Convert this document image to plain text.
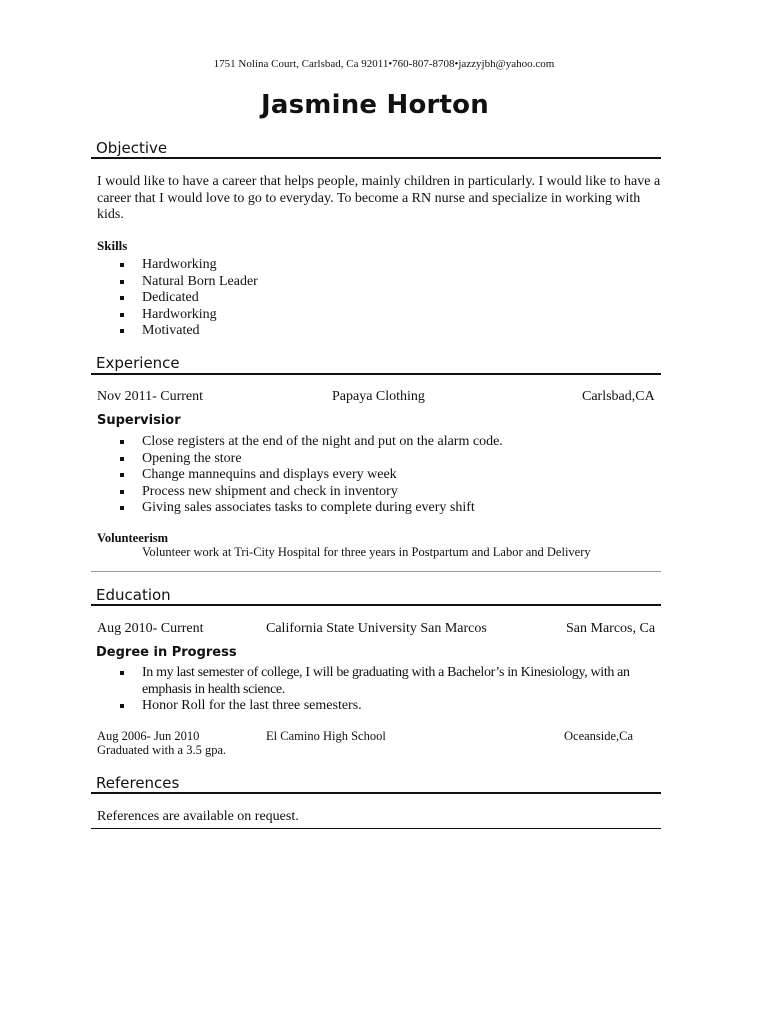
1751 Nolina Court, Carlsbad, Ca 92011•760-807-8708•jazzyjbh@yahoo.com
Jasmine Horton
Objective
I would like to have a career that helps people, mainly children in particularly. I would like to have a career that I would love to go to everyday. To become a RN nurse and specialize in working with kids.
Skills
Hardworking
Natural Born Leader
Dedicated
Hardworking
Motivated
Experience
Nov 2011- Current	Papaya Clothing	Carlsbad,CA
Supervisior
Close registers at the end of the night and put on the alarm code.
Opening the store
Change mannequins and displays every week
Process new shipment and check in inventory
Giving sales associates tasks to complete during every shift
Volunteerism
Volunteer work at Tri-City Hospital for three years in Postpartum and Labor and Delivery
Education
Aug 2010- Current	California State University San Marcos	San Marcos, Ca
Degree in Progress
In my last semester of college, I will be graduating with a Bachelor’s in Kinesiology, with an emphasis in health science.
Honor Roll for the last three semesters.
Aug 2006- Jun 2010	El Camino High School	Oceanside,Ca
Graduated with a 3.5 gpa.
References
References are available on request.
